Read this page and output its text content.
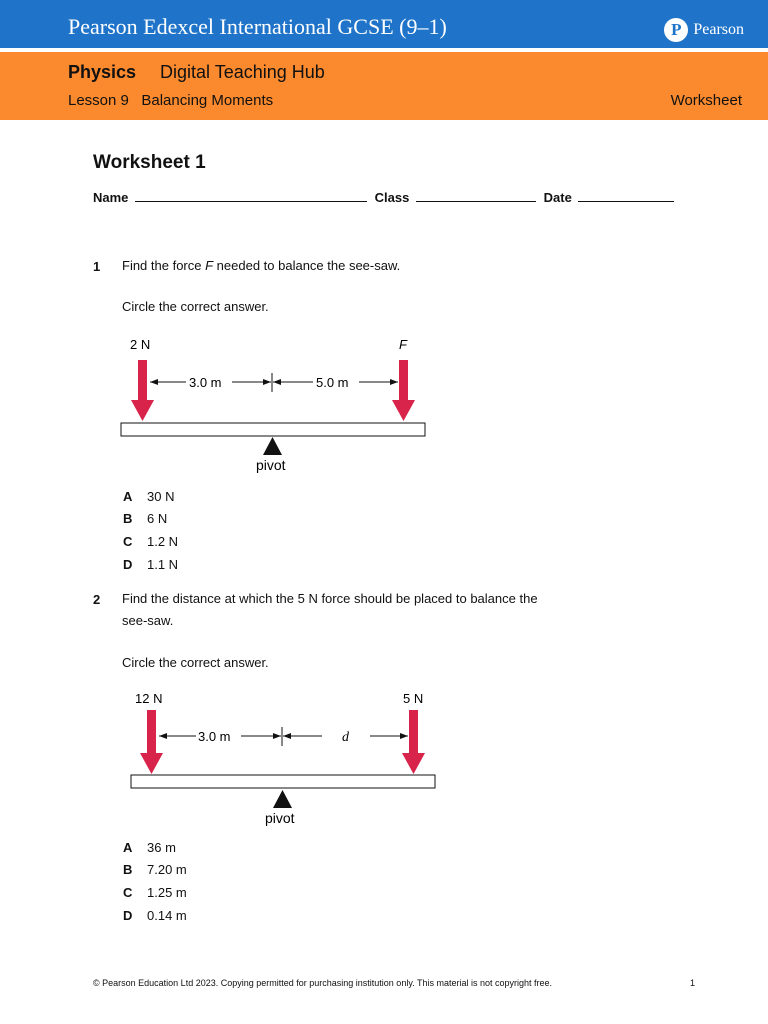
Pearson Edexcel International GCSE (9–1)	P Pearson
Physics Digital Teaching Hub
Lesson 9   Balancing Moments	Worksheet
Worksheet 1
Name	Class	Date
1 Find the force F needed to balance the see-saw.
Circle the correct answer.
2 N	F
3.0 m	5.0 m
pivot
12 N	5 N
3.0 m	d
pivot
A	30 N
B	6 N
C	1.2 N
D	1.1 N
2 Find the distance at which the 5 N force should be placed to balance the
see-saw.
Circle the correct answer.
A	36 m
B	7.20 m
C	1.25 m
D	0.14 m
© Pearson Education Ltd 2023. Copying permitted for purchasing institution only. This material is not copyright free.	1
